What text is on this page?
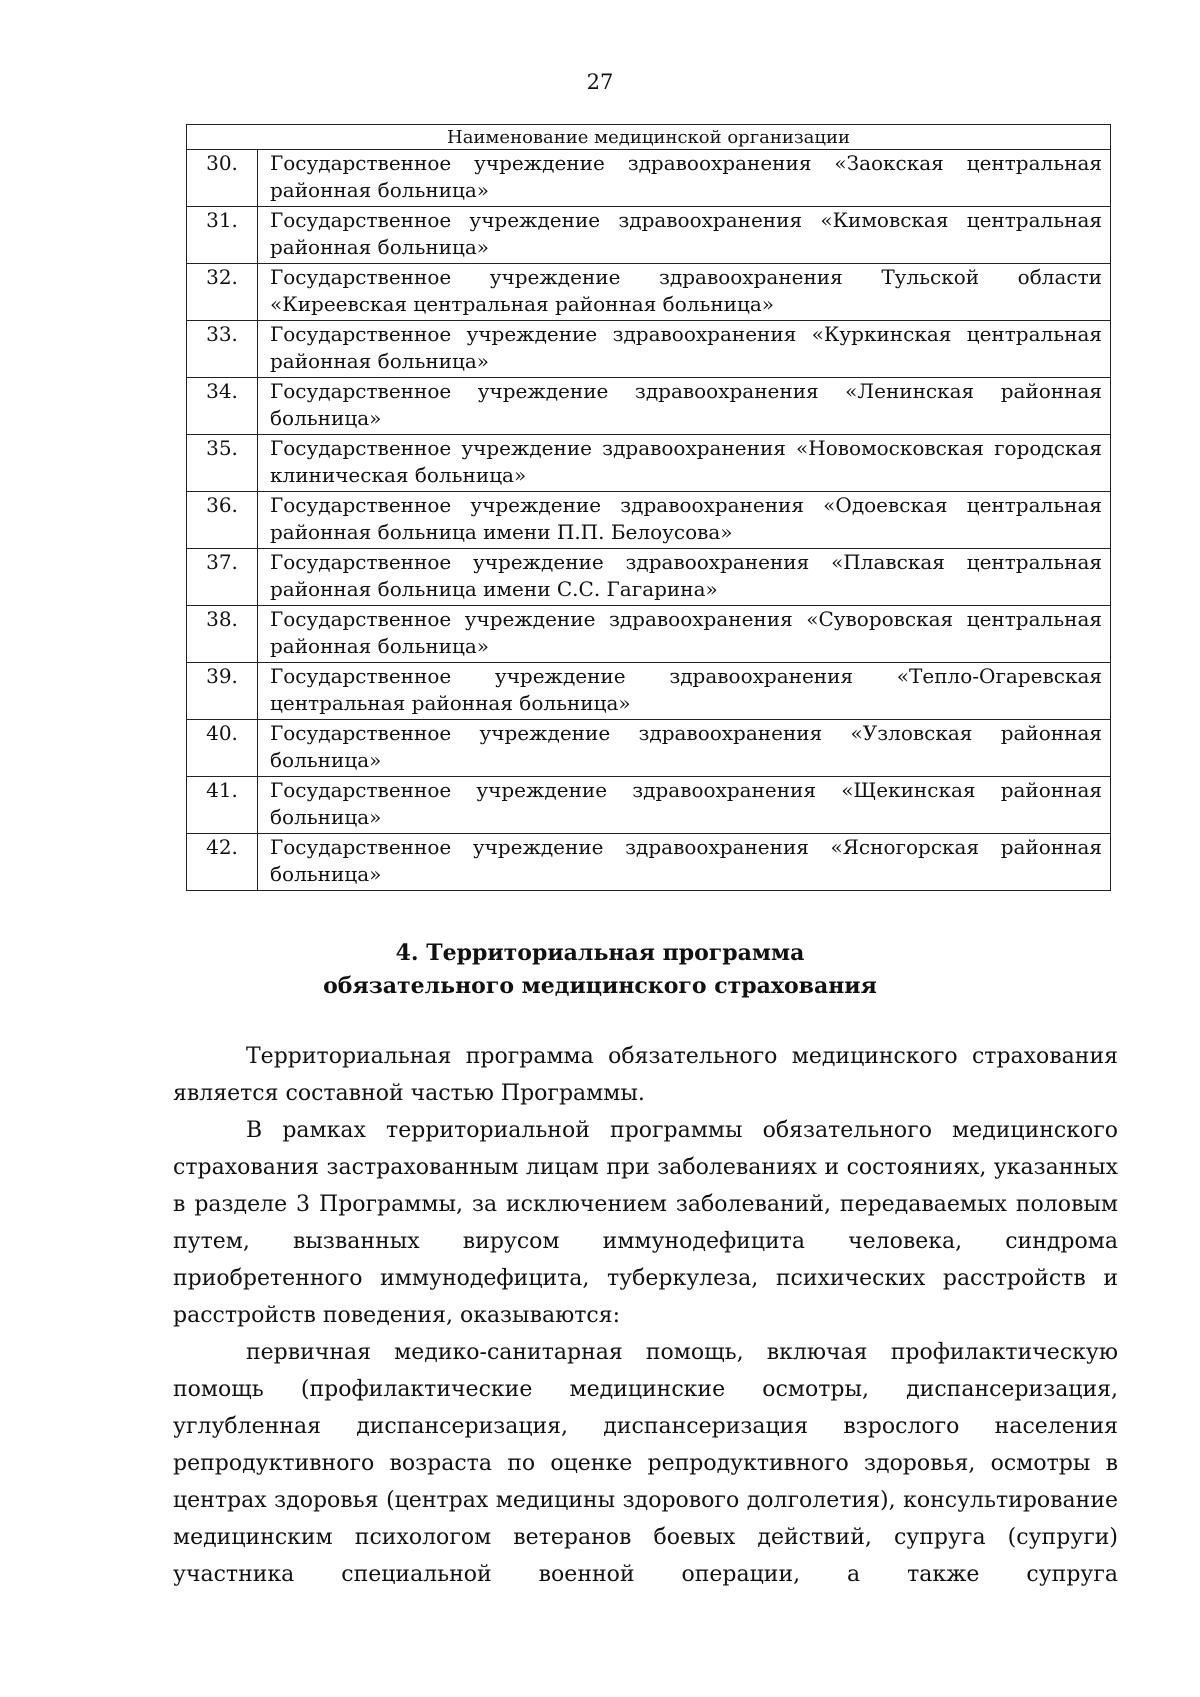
27
Наименование медицинской организации	
30.	Государственное учреждение здравоохранения «Заокская центральная районная больница»
31.	Государственное учреждение здравоохранения «Кимовская центральная районная больница»
32.	Государственное учреждение здравоохранения Тульской области «Киреевская центральная районная больница»
33.	Государственное учреждение здравоохранения «Куркинская центральная районная больница»
34.	Государственное учреждение здравоохранения «Ленинская районная больница»
35.	Государственное учреждение здравоохранения «Новомосковская городская клиническая больница»
36.	Государственное учреждение здравоохранения «Одоевская центральная районная больница имени П.П. Белоусова»
37.	Государственное учреждение здравоохранения «Плавская центральная районная больница имени С.С. Гагарина»
38.	Государственное учреждение здравоохранения «Суворовская центральная районная больница»
39.	Государственное учреждение здравоохранения «Тепло-Огаревская центральная районная больница»
40.	Государственное учреждение здравоохранения «Узловская районная больница»
41.	Государственное учреждение здравоохранения «Щекинская районная больница»
42.	Государственное учреждение здравоохранения «Ясногорская районная больница»
4. Территориальная программа
обязательного медицинского страхования

Территориальная программа обязательного медицинского страхования является составной частью Программы.

В рамках территориальной программы обязательного медицинского страхования застрахованным лицам при заболеваниях и состояниях, указанных в разделе 3 Программы, за исключением заболеваний, передаваемых половым путем, вызванных вирусом иммунодефицита человека, синдрома приобретенного иммунодефицита, туберкулеза, психических расстройств и расстройств поведения, оказываются:

первичная медико-санитарная помощь, включая профилактическую помощь (профилактические медицинские осмотры, диспансеризация, углубленная диспансеризация, диспансеризация взрослого населения репродуктивного возраста по оценке репродуктивного здоровья, осмотры в центрах здоровья (центрах медицины здорового долголетия), консультирование медицинским психологом ветеранов боевых действий, супруга (супруги) участника специальной военной операции, а также супруга
